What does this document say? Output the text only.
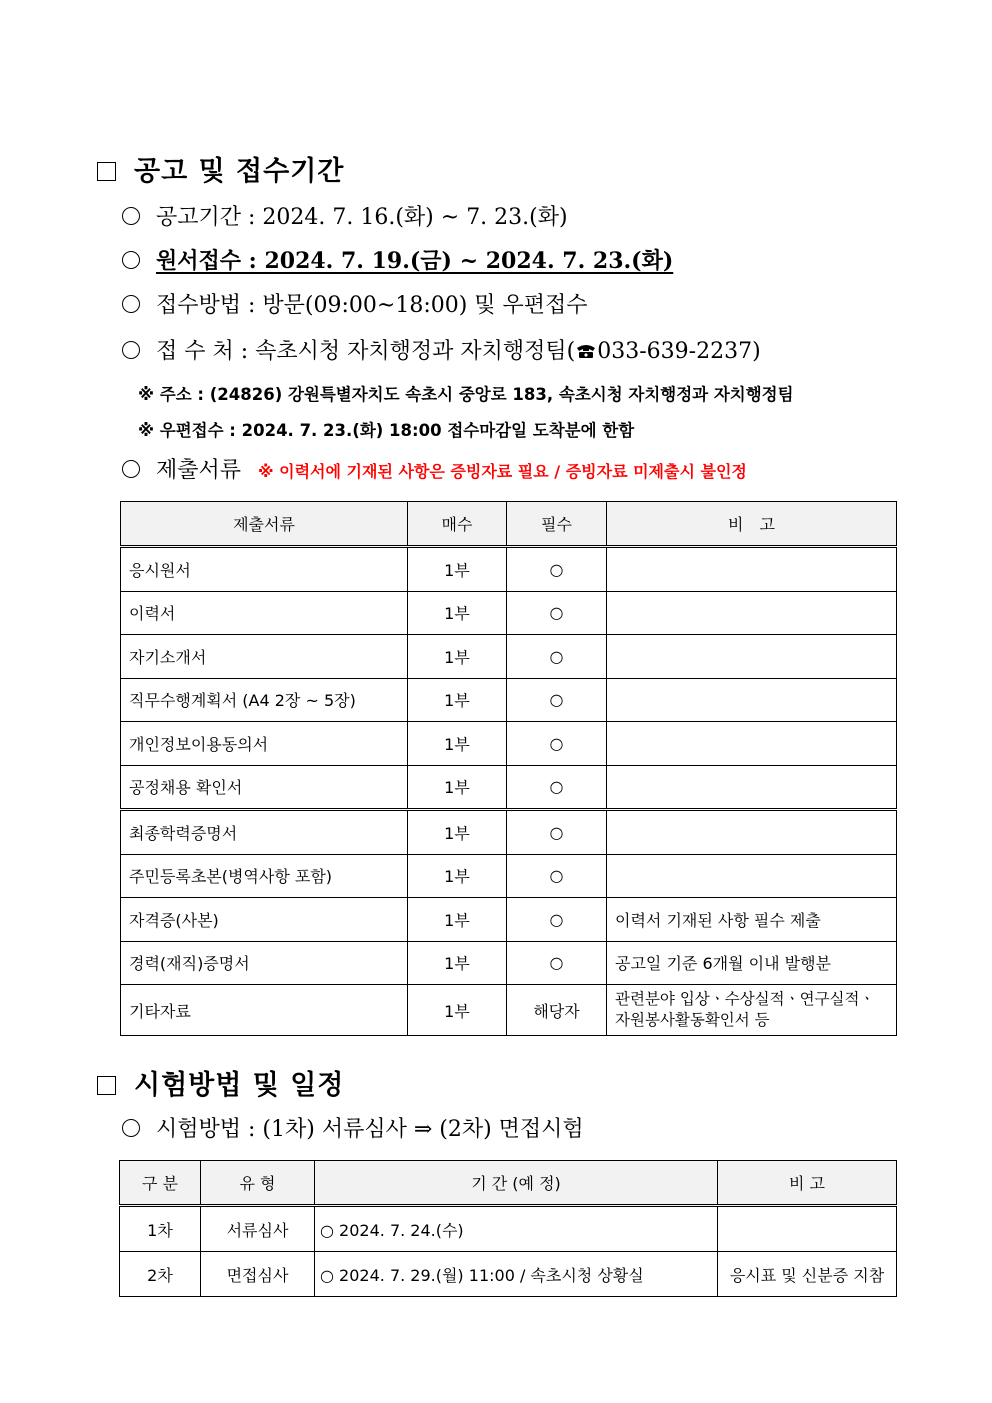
공고 및 접수기간
공고기간 : 2024. 7. 16.(화) ~ 7. 23.(화)
원서접수 : 2024. 7. 19.(금) ~ 2024. 7. 23.(화)
접수방법 : 방문(09:00~18:00) 및 우편접수
접 수 처 : 속초시청 자치행정과 자치행정팀( 033-639-2237)
※ 주소 : (24826) 강원특별자치도 속초시 중앙로 183, 속초시청 자치행정과 자치행정팀
※ 우편접수 : 2024. 7. 23.(화) 18:00 접수마감일 도착분에 한함
제출서류 ※ 이력서에 기재된 사항은 증빙자료 필요 / 증빙자료 미제출시 불인정
제출서류	매수	필수	비　고
응시원서	1부	○	
이력서	1부	○	
자기소개서	1부	○	
직무수행계획서 (A4 2장 ~ 5장)	1부	○	
개인정보이용동의서	1부	○	
공정채용 확인서	1부	○	
최종학력증명서	1부	○	
주민등록초본(병역사항 포함)	1부	○	
자격증(사본)	1부	○	이력서 기재된 사항 필수 제출
경력(재직)증명서	1부	○	공고일 기준 6개월 이내 발행분
기타자료	1부	해당자	관련분야 입상ㆍ수상실적ㆍ연구실적ㆍ자원봉사활동확인서 등
시험방법 및 일정
시험방법 : (1차) 서류심사 ⇒ (2차) 면접시험
구 분	유 형	기 간 (예 정)	비 고
1차	서류심사	○ 2024. 7. 24.(수)	
2차	면접심사	○ 2024. 7. 29.(월) 11:00 / 속초시청 상황실	응시표 및 신분증 지참
